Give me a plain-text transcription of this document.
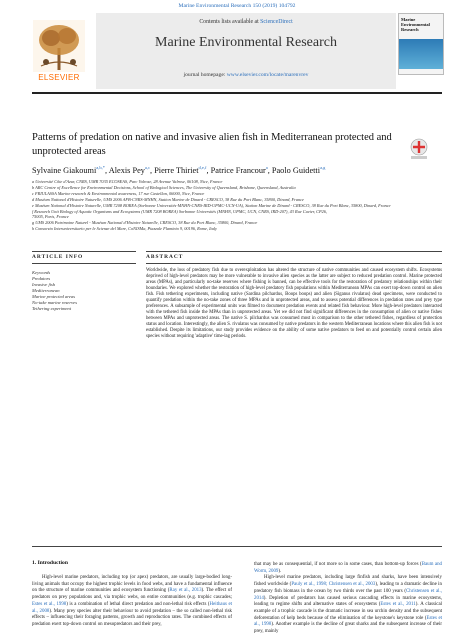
Marine Environmental Research 150 (2019) 104792
ELSEVIER
Contents lists available at ScienceDirect
Marine Environmental Research
journal homepage: www.elsevier.com/locate/marenvrev
Marine Environmental Research
Patterns of predation on native and invasive alien fish in Mediterranean protected and unprotected areas
Sylvaine Giakoumi$^{a,b,*}$, Alexis Pey$^{a,c}$, Pierre Thiriet$^{d,e,f}$, Patrice Francour$^a$, Paolo Guidetti$^{a,g}$
a Université Côte d'Azur, CNRS, UMR 7035 ECOSEAS, Parc Valrose, 28 Avenue Valrose, 06108, Nice, France
b ARC Centre of Excellence for Environmental Decisions, School of Biological Sciences, The University of Queensland, Brisbane, Queensland, Australia
c FRIULASSA Marine research & Environmental awareness, 17 rue Castellan, 06000, Nice, France
d Muséum National d'Histoire Naturelle, UMS 2006 AFB-CNRS-MNHN, Station Marine de Dinard - CRESCO, 38 Rue du Port Blanc, 35800, Dinard, France
e Muséum National d'Histoire Naturelle, UMR 7208 BOREA (Sorbonne Universités-MNHN-CNRS-IRD-UPMC-UCN-UA), Station Marine de Dinard - CRESCO, 38 Rue du Port Blanc, 35800, Dinard, France
f Research Unit Biology of Aquatic Organisms and Ecosystems (UMR 7208 BOREA) Sorbonne Universités (MNHN, UPMC, UCN, CNRS, IRD-207), 43 Rue Cuvier, CP26,
75005, Paris, France
g UMS 2006 Patrimoine Naturel - Muséum National d'Histoire Naturelle, CRESCO, 38 Rue du Port Blanc, 35800, Dinard, France
h Consorzio Interuniversitario per le Scienze del Mare, CoNISMa, Piazzale Flaminio 9, 00196, Rome, Italy
ARTICLE INFO	ABSTRACT
Keywords
Predators
Invasive fish
Mediterranean
Marine protected areas
No-take marine reserves
Tethering experiment
Worldwide, the loss of predatory fish due to overexploitation has altered the structure of native communities and caused ecosystem shifts. Ecosystems deprived of high-level predators may be more vulnerable to invasive alien species as the latter are subject to reduced predation control. Marine protected areas (MPAs), and particularly no-take reserves where fishing is banned, can be effective tools for the restoration of predatory relationships within their boundaries. We explored whether the restoration of high-level predatory fish populations within Mediterranean MPAs can exert top-down control on alien fish. Fish tethering experiments, including native (Sardina pilchardus, Boops boops) and alien (Siganus rivulatus) dead specimens, were conducted to quantify predation within the no-take zones of three MPAs and in unprotected areas, and to assess potential differences in predation rates and prey type preferences. A subsample of experimental units was filmed to document predation events and related fish behaviour. More high-level predators interacted with the tethered fish inside the MPAs than in unprotected areas. Yet we did not find significant differences in the consumption of alien or native fishes between MPAs and unprotected areas. The native S. pilchardus was consumed most in comparison to the other tethered fishes, regardless of protection status and location. Interestingly, the alien S. rivulatus was consumed by native predators in the western Mediterranean locations where this alien fish is not established. Despite its limitations, our study provides evidence on the ability of some native predators to feed on and potentially control certain alien species without requiring 'adaptive' time-lag periods.
1. Introduction
High-level marine predators, including top (or apex) predators, are usually large-bodied long-living animals that occupy the highest trophic levels in food webs, and have a fundamental influence on the structure of marine communities and ecosystem functioning (Ray et al., 2013). The effect of predators on prey populations and, via trophic webs, on entire communities (e.g. trophic cascades; Estes et al., 1998) is a combination of lethal direct predation and non-lethal risk effects (Heithaus et al., 2008). Many prey species alter their behaviour to avoid predation – the so called non-lethal risk effects – influencing their foraging patterns, growth and reproduction rates. The combined effects of predation exert top-down control on mesopredators and their prey,
that may be as consequential, if not more so in some cases, than bottom-up forces (Baum and Worm, 2009).
High-level marine predators, including large finfish and sharks, have been intensively fished worldwide (Pauly et al., 1998; Christensen et al., 2003), leading to a dramatic decline in predatory fish biomass in the ocean by two thirds over the past 100 years (Christensen et al., 2014). Depletion of predators has caused serious cascading effects in marine ecosystems, leading to regime shifts and alternative states of ecosystems (Estes et al., 2011). A classical example of a trophic cascade is the dramatic increase in sea urchin density and the subsequent deforestation of kelp beds because of the elimination of the keystone's keystone role (Estes et al., 1998). Another example is the decline of great sharks and the subsequent increase of their prey, mainly
